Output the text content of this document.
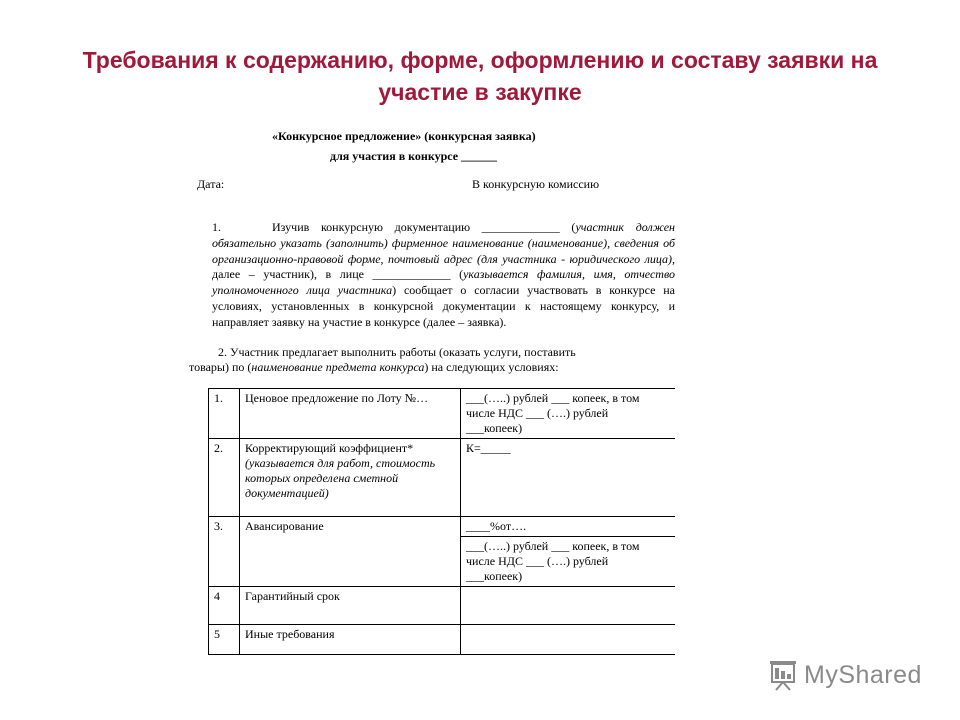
Требования к содержанию, форме, оформлению и составу заявки на
участие в закупке
«Конкурсное предложение» (конкурсная заявка)
для участия в конкурсе ______
Дата:	В конкурсную комиссию
1.	Изучив конкурсную документацию _____________ (участник должен обязательно указать (заполнить) фирменное наименование (наименование), сведения об организационно-правовой форме, почтовый адрес (для участника - юридического лица), далее – участник), в лице _____________ (указывается фамилия, имя, отчество уполномоченного лица участника) сообщает о согласии участвовать в конкурсе на условиях, установленных в конкурсной документации к настоящему конкурсу, и направляет заявку на участие в конкурсе (далее – заявка).
2. Участник предлагает выполнить работы (оказать услуги, поставить
товары) по (наименование предмета конкурса) на следующих условиях:
1.	Ценовое предложение по Лоту №…	___(…..) рублей ___ копеек, в том
числе НДС ___ (….) рублей
___копеек)

2.	Корректирующий коэффициент*
(указывается для работ, стоимость которых определена сметной документацией)	К=_____

3.	Авансирование	____%от….
___(…..) рублей ___ копеек, в том
числе НДС ___ (….) рублей
___копеек)

4	Гарантийный срок	
5	Иные требования	
MyShared
